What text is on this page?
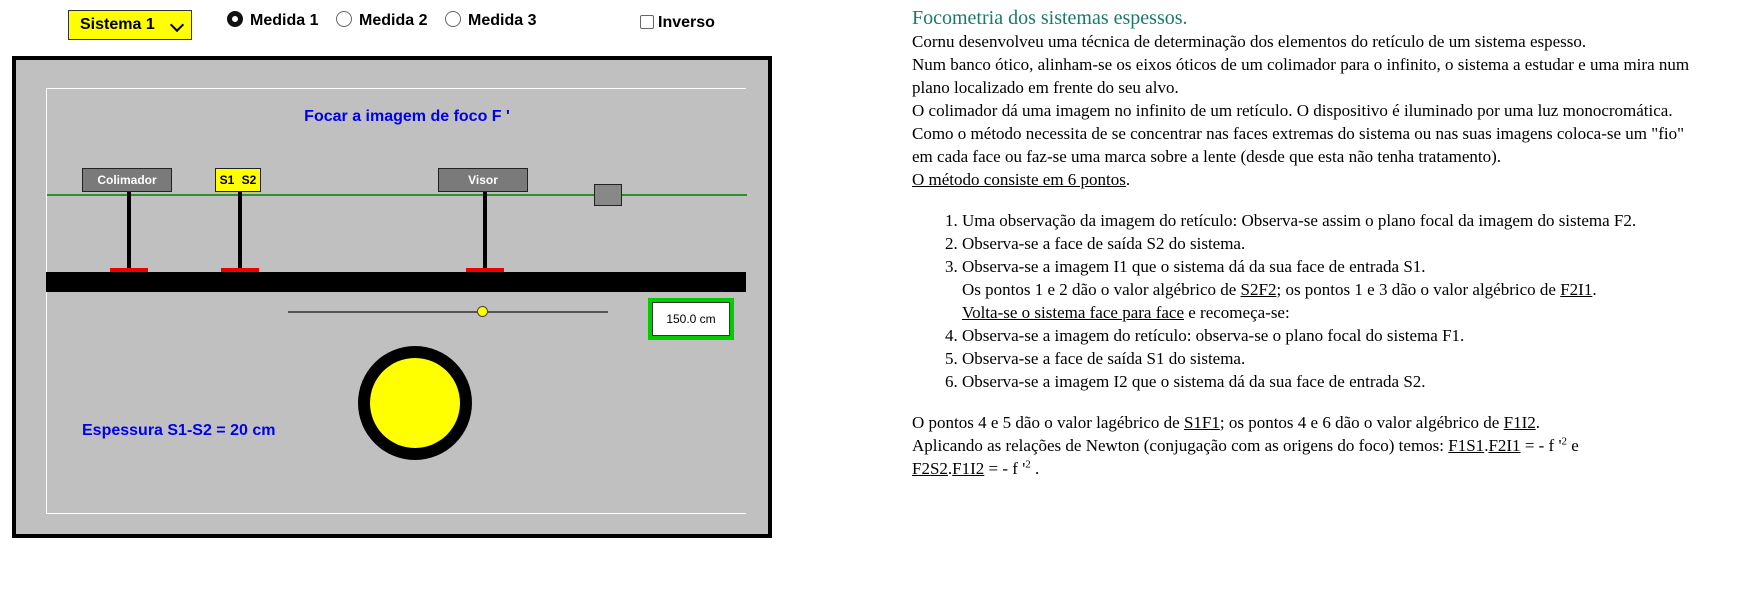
Sistema 1	Medida 1	Medida 2	Medida 3	Inverso
Focar a imagem de foco F '
Colimador	S1 S2	Visor
150.0 cm
Espessura S1-S2 = 20 cm
Focometria dos sistemas espessos.

Cornu desenvolveu uma técnica de determinação dos elementos do retículo de um sistema espesso.

Num banco ótico, alinham-se os eixos óticos de um colimador para o infinito, o sistema a estudar e uma mira num plano localizado em frente do seu alvo.

O colimador dá uma imagem no infinito de um retículo. O dispositivo é iluminado por uma luz monocromática.

Como o método necessita de se concentrar nas faces extremas do sistema ou nas suas imagens coloca-se um "fio" em cada face ou faz-se uma marca sobre a lente (desde que esta não tenha tratamento).

O método consiste em 6 pontos.

1. Uma observação da imagem do retículo: Observa-se assim o plano focal da imagem do sistema F2.
2. Observa-se a face de saída S2 do sistema.
3. Observa-se a imagem I1 que o sistema dá da sua face de entrada S1.
Os pontos 1 e 2 dão o valor algébrico de S2F2; os pontos 1 e 3 dão o valor algébrico de F2I1.
Volta-se o sistema face para face e recomeça-se:
4. Observa-se a imagem do retículo: observa-se o plano focal do sistema F1.
5. Observa-se a face de saída S1 do sistema.
6. Observa-se a imagem I2 que o sistema dá da sua face de entrada S2.

O pontos 4 e 5 dão o valor lagébrico de S1F1; os pontos 4 e 6 dão o valor algébrico de F1I2.

Aplicando as relações de Newton (conjugação com as origens do foco) temos: F1S1.F2I1 = - f '$^2$ e
F2S2.F1I2 = - f '$^2$ .
